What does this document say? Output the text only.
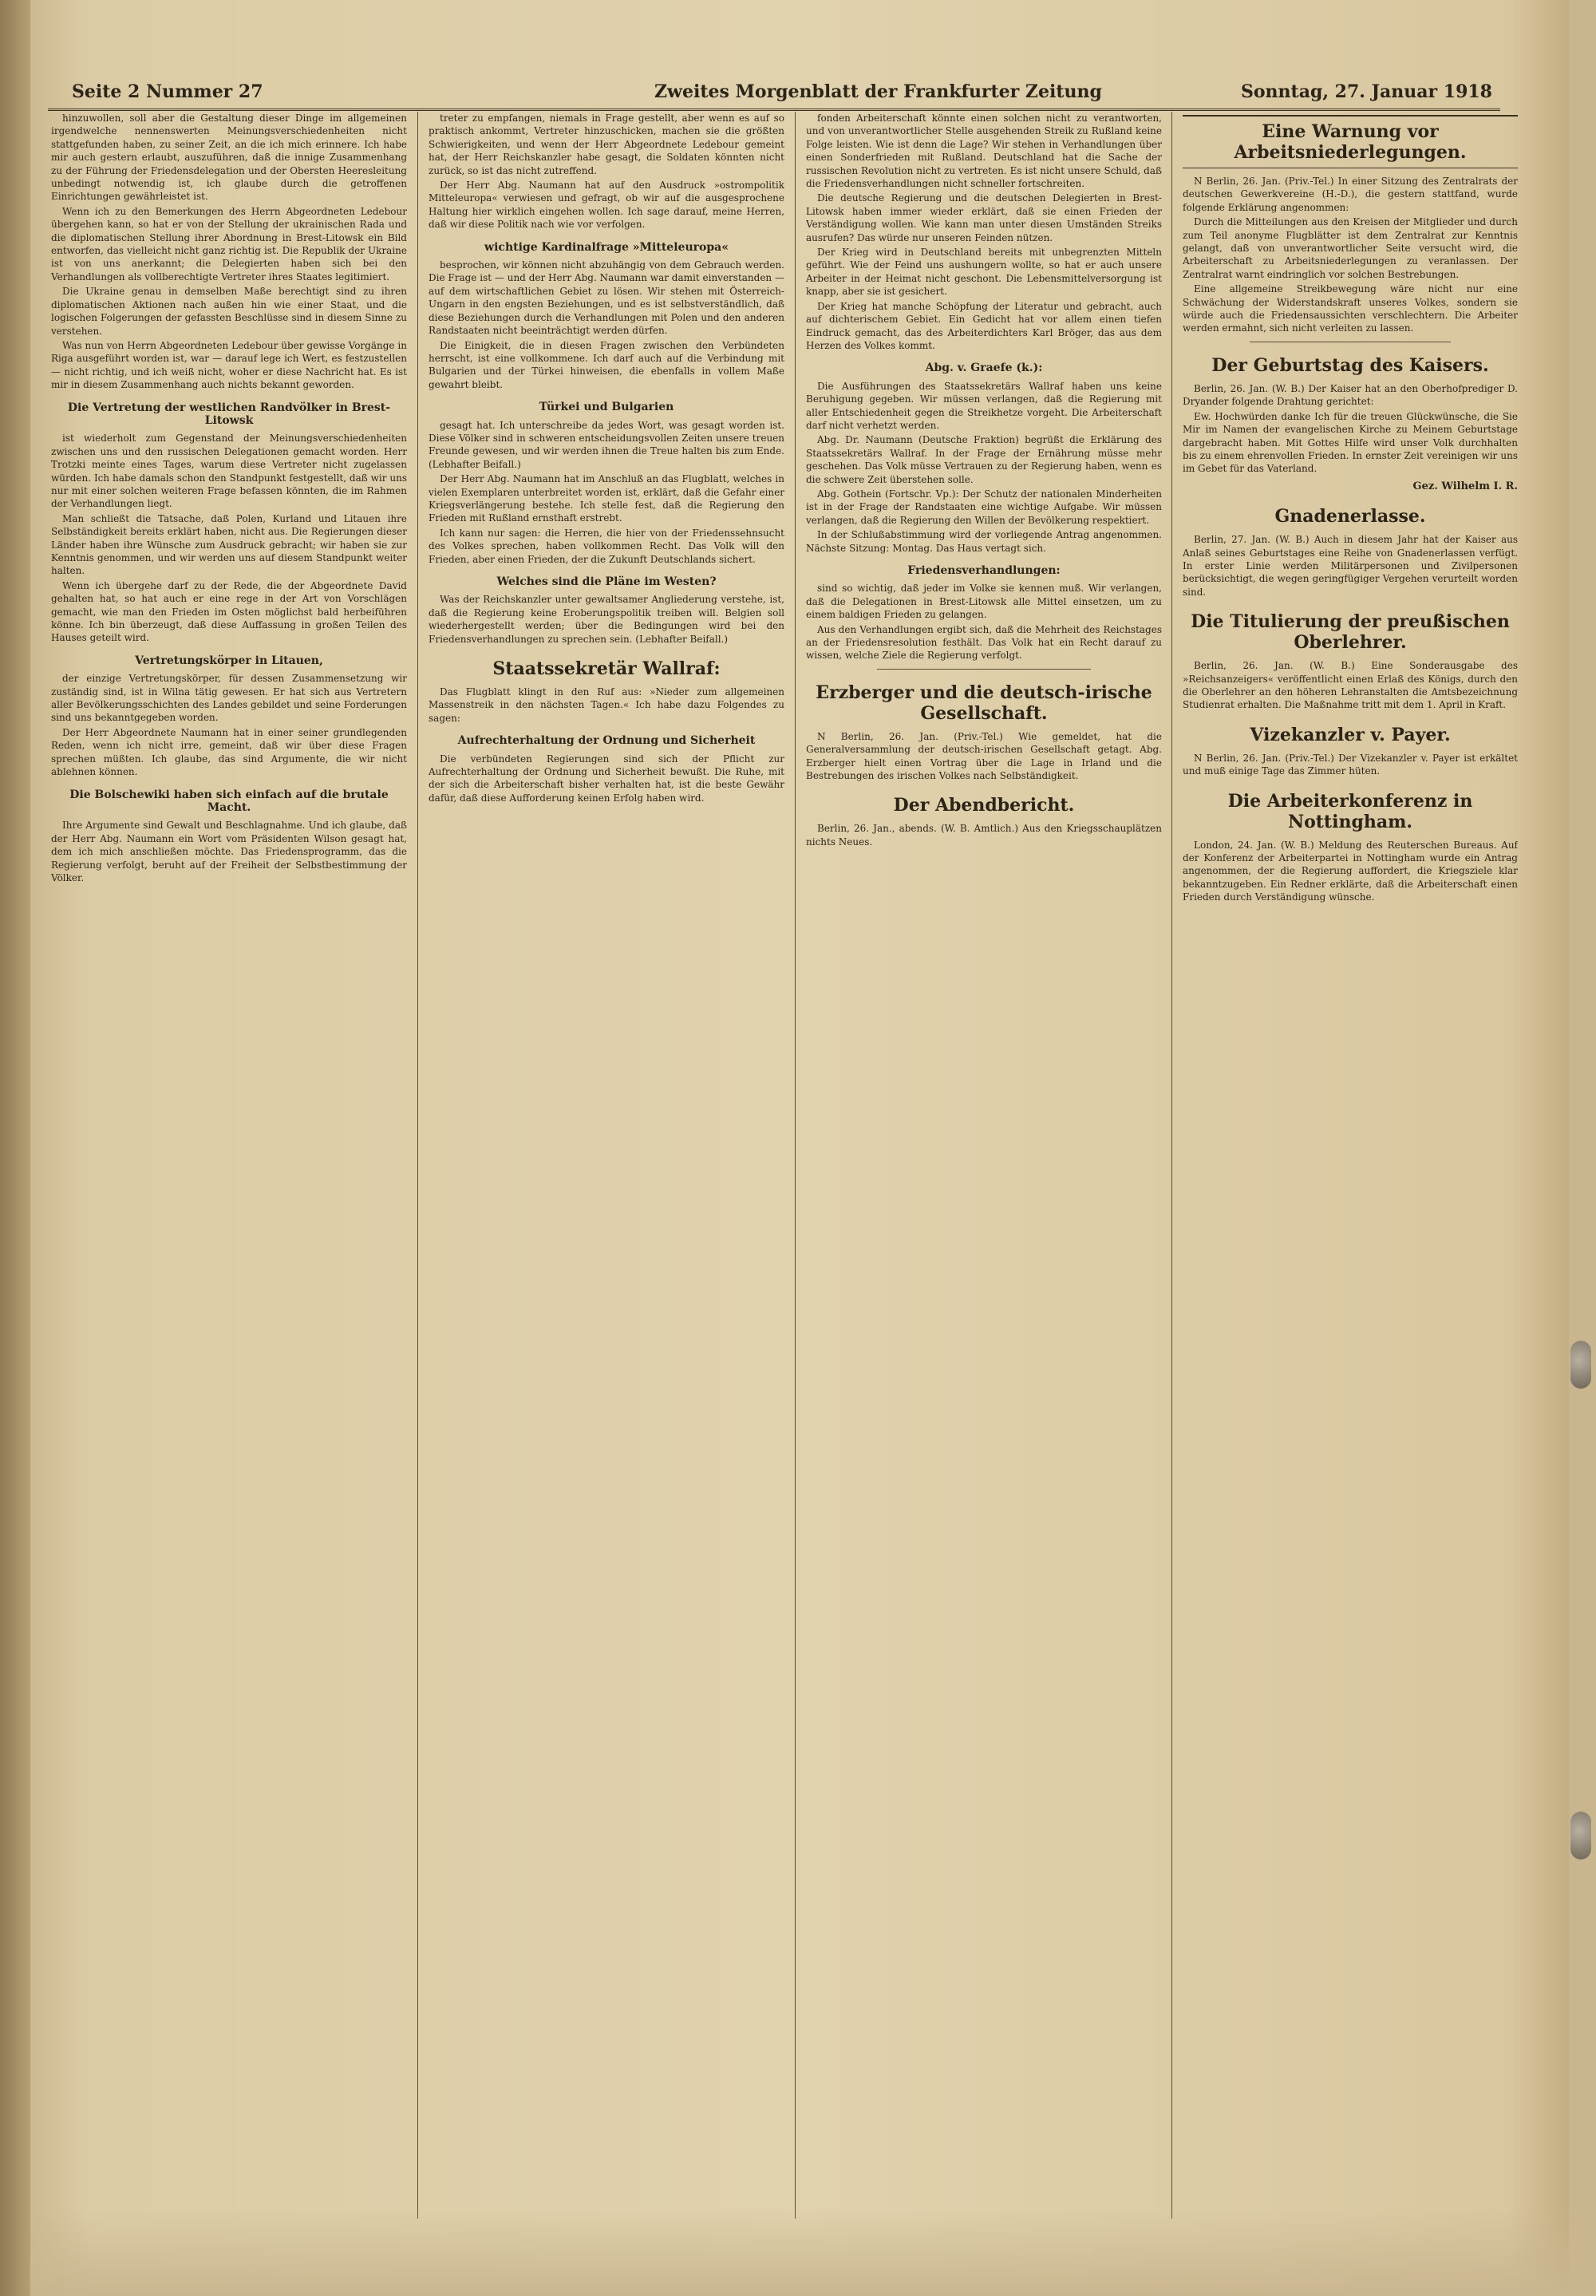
Seite 2 Nummer 27	Zweites Morgenblatt der Frankfurter Zeitung	Sonntag, 27. Januar 1918

hinzuwollen, soll aber die Gestaltung dieser Dinge im allgemeinen irgendwelche nennenswerten Meinungsverschiedenheiten nicht stattgefunden haben, zu seiner Zeit, an die ich mich erinnere. Ich habe mir auch gestern erlaubt, auszuführen, daß die innige Zusammenhang zu der Führung der Friedensdelegation und der Obersten Heeresleitung unbedingt notwendig ist, ich glaube durch die getroffenen Einrichtungen gewährleistet ist.

Wenn ich zu den Bemerkungen des Herrn Abgeordneten Ledebour übergehen kann, so hat er von der Stellung der ukrainischen Rada und die diplomatischen Stellung ihrer Abordnung in Brest-Litowsk ein Bild entworfen, das vielleicht nicht ganz richtig ist. Die Republik der Ukraine ist von uns anerkannt; die Delegierten haben sich bei den Verhandlungen als vollberechtigte Vertreter ihres Staates legitimiert.

Die Ukraine genau in demselben Maße berechtigt sind zu ihren diplomatischen Aktionen nach außen hin wie einer Staat, und die logischen Folgerungen der gefassten Beschlüsse sind in diesem Sinne zu verstehen.

Was nun von Herrn Abgeordneten Ledebour über gewisse Vorgänge in Riga ausgeführt worden ist, war — darauf lege ich Wert, es festzustellen — nicht richtig, und ich weiß nicht, woher er diese Nachricht hat. Es ist mir in diesem Zusammenhang auch nichts bekannt geworden.

Die Vertretung der westlichen Randvölker in Brest-Litowsk

ist wiederholt zum Gegenstand der Meinungsverschiedenheiten zwischen uns und den russischen Delegationen gemacht worden. Herr Trotzki meinte eines Tages, warum diese Vertreter nicht zugelassen würden. Ich habe damals schon den Standpunkt festgestellt, daß wir uns nur mit einer solchen weiteren Frage befassen könnten, die im Rahmen der Verhandlungen liegt.

Man schließt die Tatsache, daß Polen, Kurland und Litauen ihre Selbständigkeit bereits erklärt haben, nicht aus. Die Regierungen dieser Länder haben ihre Wünsche zum Ausdruck gebracht; wir haben sie zur Kenntnis genommen, und wir werden uns auf diesem Standpunkt weiter halten.

Wenn ich übergehe darf zu der Rede, die der Abgeordnete David gehalten hat, so hat auch er eine rege in der Art von Vorschlägen gemacht, wie man den Frieden im Osten möglichst bald herbeiführen könne. Ich bin überzeugt, daß diese Auffassung in großen Teilen des Hauses geteilt wird.

Vertretungskörper in Litauen,

der einzige Vertretungskörper, für dessen Zusammensetzung wir zuständig sind, ist in Wilna tätig gewesen. Er hat sich aus Vertretern aller Bevölkerungsschichten des Landes gebildet und seine Forderungen sind uns bekanntgegeben worden.

Der Herr Abgeordnete Naumann hat in einer seiner grundlegenden Reden, wenn ich nicht irre, gemeint, daß wir über diese Fragen sprechen müßten. Ich glaube, das sind Argumente, die wir nicht ablehnen können.

Die Bolschewiki haben sich einfach auf die brutale Macht.

Ihre Argumente sind Gewalt und Beschlagnahme. Und ich glaube, daß der Herr Abg. Naumann ein Wort vom Präsidenten Wilson gesagt hat, dem ich mich anschließen möchte. Das Friedensprogramm, das die Regierung verfolgt, beruht auf der Freiheit der Selbstbestimmung der Völker.

treter zu empfangen, niemals in Frage gestellt, aber wenn es auf so praktisch ankommt, Vertreter hinzuschicken, machen sie die größten Schwierigkeiten, und wenn der Herr Abgeordnete Ledebour gemeint hat, der Herr Reichskanzler habe gesagt, die Soldaten könnten nicht zurück, so ist das nicht zutreffend.

Der Herr Abg. Naumann hat auf den Ausdruck »ostrompolitik Mitteleuropa« verwiesen und gefragt, ob wir auf die ausgesprochene Haltung hier wirklich eingehen wollen. Ich sage darauf, meine Herren, daß wir diese Politik nach wie vor verfolgen.

wichtige Kardinalfrage »Mitteleuropa«

besprochen, wir können nicht abzuhängig von dem Gebrauch werden. Die Frage ist — und der Herr Abg. Naumann war damit einverstanden — auf dem wirtschaftlichen Gebiet zu lösen. Wir stehen mit Österreich-Ungarn in den engsten Beziehungen, und es ist selbstverständlich, daß diese Beziehungen durch die Verhandlungen mit Polen und den anderen Randstaaten nicht beeinträchtigt werden dürfen.

Die Einigkeit, die in diesen Fragen zwischen den Verbündeten herrscht, ist eine vollkommene. Ich darf auch auf die Verbindung mit Bulgarien und der Türkei hinweisen, die ebenfalls in vollem Maße gewahrt bleibt.

Türkei und Bulgarien

gesagt hat. Ich unterschreibe da jedes Wort, was gesagt worden ist. Diese Völker sind in schweren entscheidungsvollen Zeiten unsere treuen Freunde gewesen, und wir werden ihnen die Treue halten bis zum Ende. (Lebhafter Beifall.)

Der Herr Abg. Naumann hat im Anschluß an das Flugblatt, welches in vielen Exemplaren unterbreitet worden ist, erklärt, daß die Gefahr einer Kriegsverlängerung bestehe. Ich stelle fest, daß die Regierung den Frieden mit Rußland ernsthaft erstrebt.

Ich kann nur sagen: die Herren, die hier von der Friedenssehnsucht des Volkes sprechen, haben vollkommen Recht. Das Volk will den Frieden, aber einen Frieden, der die Zukunft Deutschlands sichert.

Welches sind die Pläne im Westen?

Was der Reichskanzler unter gewaltsamer Angliederung verstehe, ist, daß die Regierung keine Eroberungspolitik treiben will. Belgien soll wiederhergestellt werden; über die Bedingungen wird bei den Friedensverhandlungen zu sprechen sein. (Lebhafter Beifall.)

Staatssekretär Wallraf:

Das Flugblatt klingt in den Ruf aus: »Nieder zum allgemeinen Massenstreik in den nächsten Tagen.« Ich habe dazu Folgendes zu sagen:

Aufrechterhaltung der Ordnung und Sicherheit

Die verbündeten Regierungen sind sich der Pflicht zur Aufrechterhaltung der Ordnung und Sicherheit bewußt. Die Ruhe, mit der sich die Arbeiterschaft bisher verhalten hat, ist die beste Gewähr dafür, daß diese Aufforderung keinen Erfolg haben wird.

fonden Arbeiterschaft könnte einen solchen nicht zu verantworten, und von unverantwortlicher Stelle ausgehenden Streik zu Rußland keine Folge leisten. Wie ist denn die Lage? Wir stehen in Verhandlungen über einen Sonderfrieden mit Rußland. Deutschland hat die Sache der russischen Revolution nicht zu vertreten. Es ist nicht unsere Schuld, daß die Friedensverhandlungen nicht schneller fortschreiten.

Die deutsche Regierung und die deutschen Delegierten in Brest-Litowsk haben immer wieder erklärt, daß sie einen Frieden der Verständigung wollen. Wie kann man unter diesen Umständen Streiks ausrufen? Das würde nur unseren Feinden nützen.

Der Krieg wird in Deutschland bereits mit unbegrenzten Mitteln geführt. Wie der Feind uns aushungern wollte, so hat er auch unsere Arbeiter in der Heimat nicht geschont. Die Lebensmittelversorgung ist knapp, aber sie ist gesichert.

Der Krieg hat manche Schöpfung der Literatur und gebracht, auch auf dichterischem Gebiet. Ein Gedicht hat vor allem einen tiefen Eindruck gemacht, das des Arbeiterdichters Karl Bröger, das aus dem Herzen des Volkes kommt.

Abg. v. Graefe (k.):

Die Ausführungen des Staatssekretärs Wallraf haben uns keine Beruhigung gegeben. Wir müssen verlangen, daß die Regierung mit aller Entschiedenheit gegen die Streikhetze vorgeht. Die Arbeiterschaft darf nicht verhetzt werden.

Abg. Dr. Naumann (Deutsche Fraktion) begrüßt die Erklärung des Staatssekretärs Wallraf. In der Frage der Ernährung müsse mehr geschehen. Das Volk müsse Vertrauen zu der Regierung haben, wenn es die schwere Zeit überstehen solle.

Abg. Gothein (Fortschr. Vp.): Der Schutz der nationalen Minderheiten ist in der Frage der Randstaaten eine wichtige Aufgabe. Wir müssen verlangen, daß die Regierung den Willen der Bevölkerung respektiert.

In der Schlußabstimmung wird der vorliegende Antrag angenommen. Nächste Sitzung: Montag. Das Haus vertagt sich.

Friedensverhandlungen:

sind so wichtig, daß jeder im Volke sie kennen muß. Wir verlangen, daß die Delegationen in Brest-Litowsk alle Mittel einsetzen, um zu einem baldigen Frieden zu gelangen.

Aus den Verhandlungen ergibt sich, daß die Mehrheit des Reichstages an der Friedensresolution festhält. Das Volk hat ein Recht darauf zu wissen, welche Ziele die Regierung verfolgt.

Erzberger und die deutsch-irische Gesellschaft.

N Berlin, 26. Jan. (Priv.-Tel.) Wie gemeldet, hat die Generalversammlung der deutsch-irischen Gesellschaft getagt. Abg. Erzberger hielt einen Vortrag über die Lage in Irland und die Bestrebungen des irischen Volkes nach Selbständigkeit.

Der Abendbericht.

Berlin, 26. Jan., abends. (W. B. Amtlich.) Aus den Kriegsschauplätzen nichts Neues.

Eine Warnung vor Arbeitsniederlegungen.

N Berlin, 26. Jan. (Priv.-Tel.) In einer Sitzung des Zentralrats der deutschen Gewerkvereine (H.-D.), die gestern stattfand, wurde folgende Erklärung angenommen:

Durch die Mitteilungen aus den Kreisen der Mitglieder und durch zum Teil anonyme Flugblätter ist dem Zentralrat zur Kenntnis gelangt, daß von unverantwortlicher Seite versucht wird, die Arbeiterschaft zu Arbeitsniederlegungen zu veranlassen. Der Zentralrat warnt eindringlich vor solchen Bestrebungen.

Eine allgemeine Streikbewegung wäre nicht nur eine Schwächung der Widerstandskraft unseres Volkes, sondern sie würde auch die Friedensaussichten verschlechtern. Die Arbeiter werden ermahnt, sich nicht verleiten zu lassen.

Der Geburtstag des Kaisers.

Berlin, 26. Jan. (W. B.) Der Kaiser hat an den Oberhofprediger D. Dryander folgende Drahtung gerichtet:

Ew. Hochwürden danke Ich für die treuen Glückwünsche, die Sie Mir im Namen der evangelischen Kirche zu Meinem Geburtstage dargebracht haben. Mit Gottes Hilfe wird unser Volk durchhalten bis zu einem ehrenvollen Frieden. In ernster Zeit vereinigen wir uns im Gebet für das Vaterland.

Gez. Wilhelm I. R.
Gnadenerlasse.

Berlin, 27. Jan. (W. B.) Auch in diesem Jahr hat der Kaiser aus Anlaß seines Geburtstages eine Reihe von Gnadenerlassen verfügt. In erster Linie werden Militärpersonen und Zivilpersonen berücksichtigt, die wegen geringfügiger Vergehen verurteilt worden sind.

Die Titulierung der preußischen Oberlehrer.

Berlin, 26. Jan. (W. B.) Eine Sonderausgabe des »Reichsanzeigers« veröffentlicht einen Erlaß des Königs, durch den die Oberlehrer an den höheren Lehranstalten die Amtsbezeichnung Studienrat erhalten. Die Maßnahme tritt mit dem 1. April in Kraft.

Vizekanzler v. Payer.

N Berlin, 26. Jan. (Priv.-Tel.) Der Vizekanzler v. Payer ist erkältet und muß einige Tage das Zimmer hüten.

Die Arbeiterkonferenz in Nottingham.

London, 24. Jan. (W. B.) Meldung des Reuterschen Bureaus. Auf der Konferenz der Arbeiterpartei in Nottingham wurde ein Antrag angenommen, der die Regierung auffordert, die Kriegsziele klar bekanntzugeben. Ein Redner erklärte, daß die Arbeiterschaft einen Frieden durch Verständigung wünsche.
